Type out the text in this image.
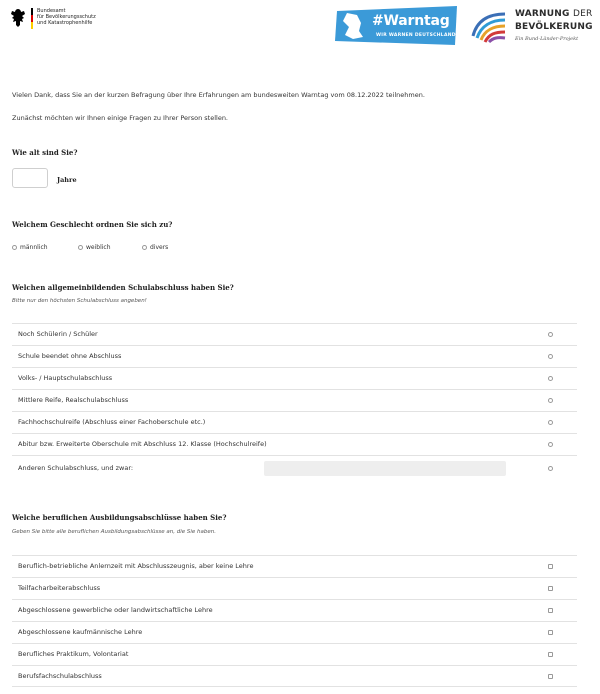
Bundesamt
für Bevölkerungsschutz
und Katastrophenhilfe	#Warntag
WIR WARNEN DEUTSCHLAND
WARNUNG DER
BEVÖLKERUNG
Ein Bund-Länder-Projekt
Vielen Dank, dass Sie an der kurzen Befragung über Ihre Erfahrungen am bundesweiten Warntag vom 08.12.2022 teilnehmen.
Zunächst möchten wir Ihnen einige Fragen zu Ihrer Person stellen.
Wie alt sind Sie?
Jahre
Welchem Geschlecht ordnen Sie sich zu?
männlich	weiblich	divers
Welchen allgemeinbildenden Schulabschluss haben Sie?
Bitte nur den höchsten Schulabschluss angeben!
Noch Schülerin / Schüler
Schule beendet ohne Abschluss
Volks- / Hauptschulabschluss
Mittlere Reife, Realschulabschluss
Fachhochschulreife (Abschluss einer Fachoberschule etc.)
Abitur bzw. Erweiterte Oberschule mit Abschluss 12. Klasse (Hochschulreife)
Anderen Schulabschluss, und zwar:
Welche beruflichen Ausbildungsabschlüsse haben Sie?
Geben Sie bitte alle beruflichen Ausbildungsabschlüsse an, die Sie haben.
Beruflich-betriebliche Anlernzeit mit Abschlusszeugnis, aber keine Lehre
Teilfacharbeiterabschluss
Abgeschlossene gewerbliche oder landwirtschaftliche Lehre
Abgeschlossene kaufmännische Lehre
Berufliches Praktikum, Volontariat
Berufsfachschulabschluss
